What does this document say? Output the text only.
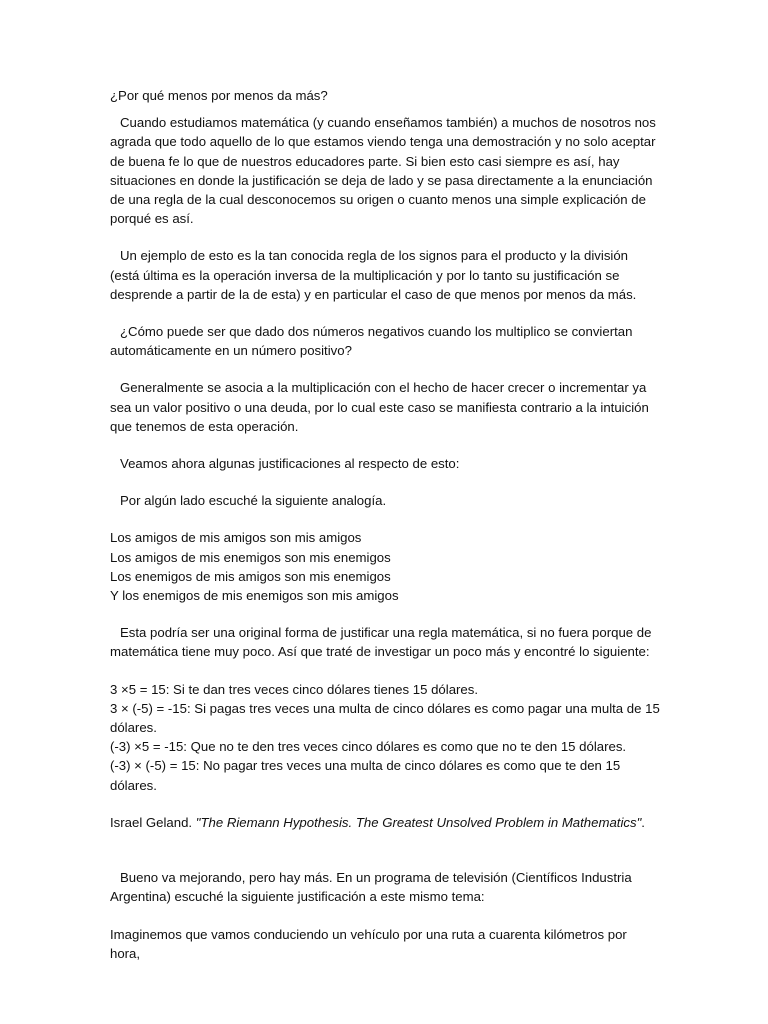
¿Por qué menos por menos da más?

Cuando estudiamos matemática (y cuando enseñamos también) a muchos de nosotros nos agrada que todo aquello de lo que estamos viendo tenga una demostración y no solo aceptar de buena fe lo que de nuestros educadores parte. Si bien esto casi siempre es así, hay situaciones en donde la justificación se deja de lado y se pasa directamente a la enunciación de una regla de la cual desconocemos su origen o cuanto menos una simple explicación de porqué es así.

Un ejemplo de esto es la tan conocida regla de los signos para el producto y la división (está última es la operación inversa de la multiplicación y por lo tanto su justificación se desprende a partir de la de esta) y en particular el caso de que menos por menos da más.

¿Cómo puede ser que dado dos números negativos cuando los multiplico se conviertan automáticamente en un número positivo?

Generalmente se asocia a la multiplicación con el hecho de hacer crecer o incrementar ya sea un valor positivo o una deuda, por lo cual este caso se manifiesta contrario a la intuición que tenemos de esta operación.

Veamos ahora algunas justificaciones al respecto de esto:

Por algún lado escuché la siguiente analogía.

Los amigos de mis amigos son mis amigos
Los amigos de mis enemigos son mis enemigos
Los enemigos de mis amigos son mis enemigos
Y los enemigos de mis enemigos son mis amigos

Esta podría ser una original forma de justificar una regla matemática, si no fuera porque de matemática tiene muy poco. Así que traté de investigar un poco más y encontré lo siguiente:

3 ×5 = 15: Si te dan tres veces cinco dólares tienes 15 dólares.
3 × (-5) = -15: Si pagas tres veces una multa de cinco dólares es como pagar una multa de 15 dólares.
(-3) ×5 = -15: Que no te den tres veces cinco dólares es como que no te den 15 dólares.
(-3) × (-5) = 15: No pagar tres veces una multa de cinco dólares es como que te den 15 dólares.

Israel Geland. "The Riemann Hypothesis. The Greatest Unsolved Problem in Mathematics".

Bueno va mejorando, pero hay más. En un programa de televisión (Científicos Industria Argentina) escuché la siguiente justificación a este mismo tema:

Imaginemos que vamos conduciendo un vehículo por una ruta a cuarenta kilómetros por hora,
